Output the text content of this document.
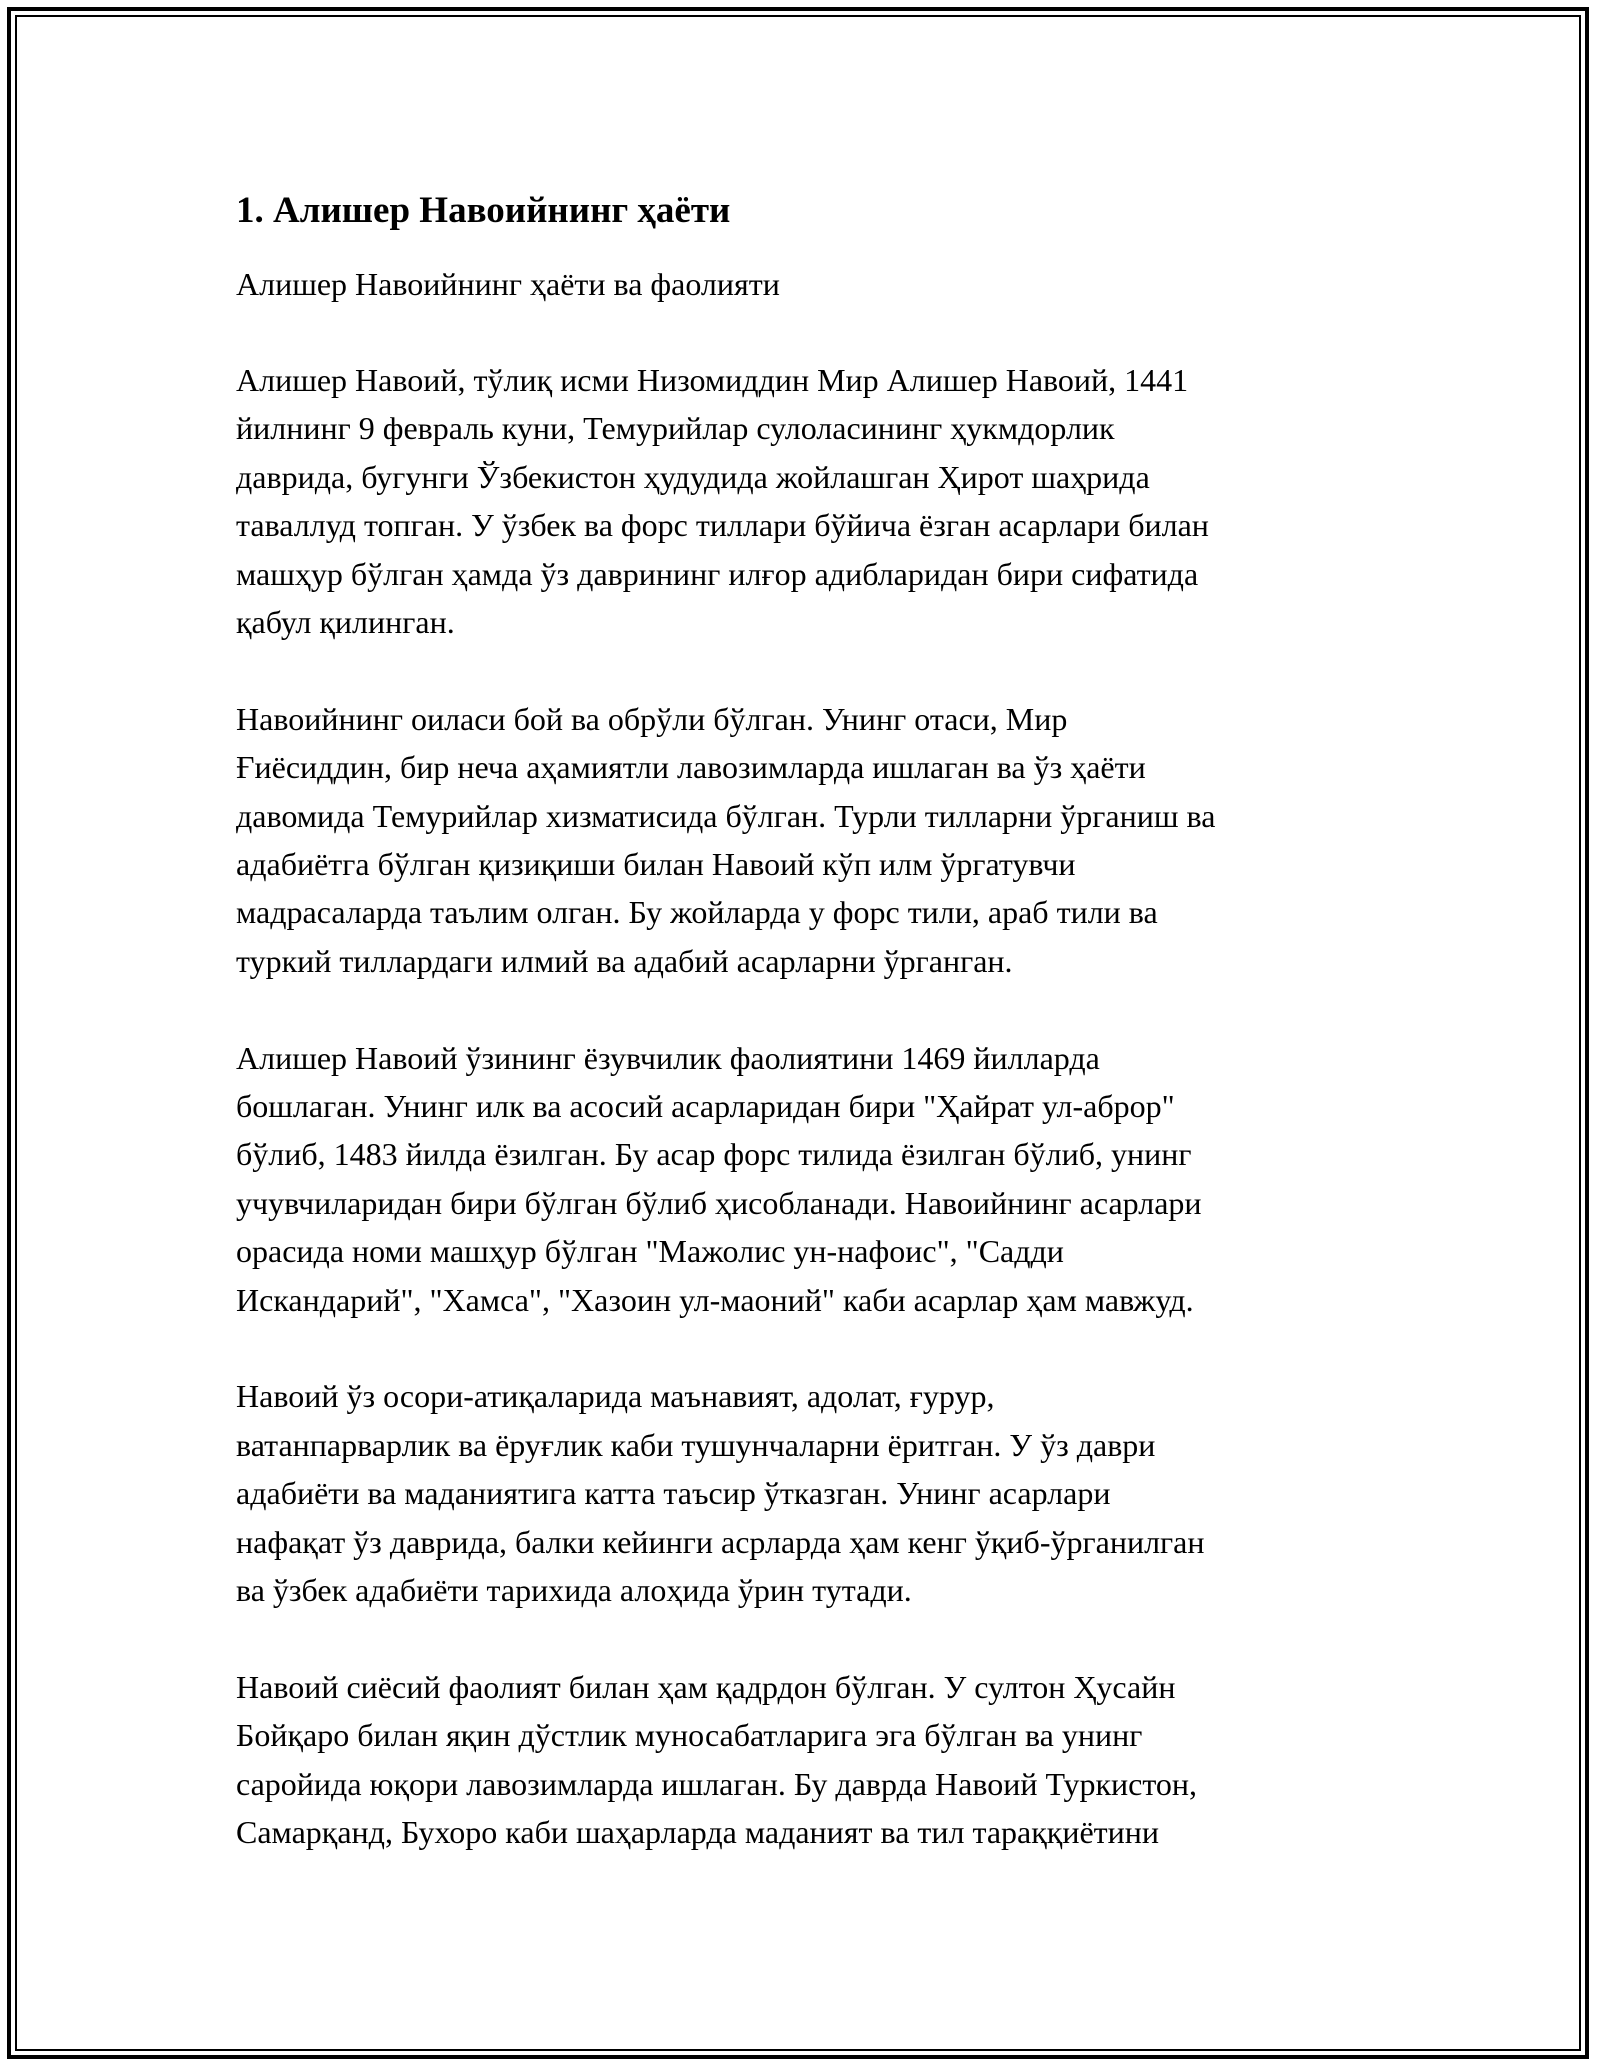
1. Алишер Навоийнинг ҳаёти
Алишер Навоийнинг ҳаёти ва фаолияти

Алишер Навоий, тўлиқ исми Низомиддин Мир Алишер Навоий, 1441
йилнинг 9 февраль куни, Темурийлар сулоласининг ҳукмдорлик
даврида, бугунги Ўзбекистон ҳудудида жойлашган Ҳирот шаҳрида
таваллуд топган. У ўзбек ва форс тиллари бўйича ёзган асарлари билан
машҳур бўлган ҳамда ўз даврининг илғор адибларидан бири сифатида
қабул қилинган.

Навоийнинг оиласи бой ва обрўли бўлган. Унинг отаси, Мир
Ғиёсиддин, бир неча аҳамиятли лавозимларда ишлаган ва ўз ҳаёти
давомида Темурийлар хизматисида бўлган. Турли тилларни ўрганиш ва
адабиётга бўлган қизиқиши билан Навоий кўп илм ўргатувчи
мадрасаларда таълим олган. Бу жойларда у форс тили, араб тили ва
туркий тиллардаги илмий ва адабий асарларни ўрганган.

Алишер Навоий ўзининг ёзувчилик фаолиятини 1469 йилларда
бошлаган. Унинг илк ва асосий асарларидан бири "Ҳайрат ул-аброр"
бўлиб, 1483 йилда ёзилган. Бу асар форс тилида ёзилган бўлиб, унинг
учувчиларидан бири бўлган бўлиб ҳисобланади. Навоийнинг асарлари
орасида номи машҳур бўлган "Мажолис ун-нафоис", "Садди
Искандарий", "Хамса", "Хазоин ул-маоний" каби асарлар ҳам мавжуд.

Навоий ўз осори-атиқаларида маънавият, адолат, ғурур,
ватанпарварлик ва ёруғлик каби тушунчаларни ёритган. У ўз даври
адабиёти ва маданиятига катта таъсир ўтказган. Унинг асарлари
нафақат ўз даврида, балки кейинги асрларда ҳам кенг ўқиб-ўрганилган
ва ўзбек адабиёти тарихида алоҳида ўрин тутади.

Навоий сиёсий фаолият билан ҳам қадрдон бўлган. У султон Ҳусайн
Бойқаро билан яқин дўстлик муносабатларига эга бўлган ва унинг
саройида юқори лавозимларда ишлаган. Бу даврда Навоий Туркистон,
Самарқанд, Бухоро каби шаҳарларда маданият ва тил тараққиётини
